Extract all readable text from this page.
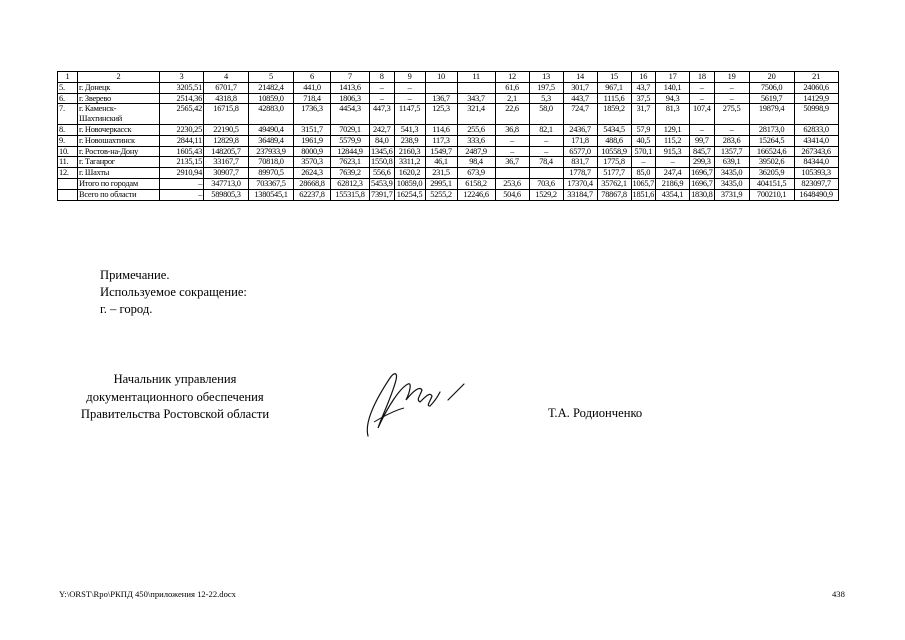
1	2	3	4	5	6	7	8	9	10	11	12	13	14	15	16	17	18	19	20	21
5.	г. Донецк	3205,51	6701,7	21482,4	441,0	1413,6	–	–			61,6	197,5	301,7	967,1	43,7	140,1	–	–	7506,0	24060,6
6.	г. Зверево	2514,36	4318,8	10859,0	718,4	1806,3	–	–	136,7	343,7	2,1	5,3	443,7	1115,6	37,5	94,3	–	–	5619,7	14129,9
7.	г. Каменск-Шахтинский	2565,42	16715,8	42883,0	1736,3	4454,3	447,3	1147,5	125,3	321,4	22,6	58,0	724,7	1859,2	31,7	81,3	107,4	275,5	19879,4	50998,9
8.	г. Новочеркасск	2230,25	22190,5	49490,4	3151,7	7029,1	242,7	541,3	114,6	255,6	36,8	82,1	2436,7	5434,5	57,9	129,1	–	–	28173,0	62833,0
9.	г. Новошахтинск	2844,11	12829,8	36489,4	1961,9	5579,9	84,0	238,9	117,3	333,6	–	–	171,8	488,6	40,5	115,2	99,7	283,6	15264,5	43414,0
10.	г. Ростов-на-Дону	1605,43	148205,7	237933,9	8000,9	12844,9	1345,6	2160,3	1549,7	2487,9	–	–	6577,0	10558,9	570,1	915,3	845,7	1357,7	166524,6	267343,6
11.	г. Таганрог	2135,15	33167,7	70818,0	3570,3	7623,1	1550,8	3311,2	46,1	98,4	36,7	78,4	831,7	1775,8	–	–	299,3	639,1	39502,6	84344,0
12.	г. Шахты	2910,94	30907,7	89970,5	2624,3	7639,2	556,6	1620,2	231,5	673,9			1778,7	5177,7	85,0	247,4	1696,7	3435,0	36205,9	105393,3
	Итого по городам	–	347713,0	703367,5	28668,8	62812,3	5453,9	10859,0	2995,1	6158,2	253,6	703,6	17370,4	35762,1	1065,7	2186,9	1696,7	3435,0	404151,5	823097,7
	Всего по области	–	589805,3	1380545,1	62237,8	155315,8	7391,7	16254,5	5255,2	12246,6	504,6	1529,2	33184,7	78867,8	1851,6	4354,1	1830,8	3731,9	700210,1	1648490,9
Примечание.
Используемое сокращение:
г. – город.
Начальник управления
документационного обеспечения
Правительства Ростовской области	Т.А. Родионченко
Y:\ORST\Rpo\РКПД 450\приложения 12-22.docx	438
